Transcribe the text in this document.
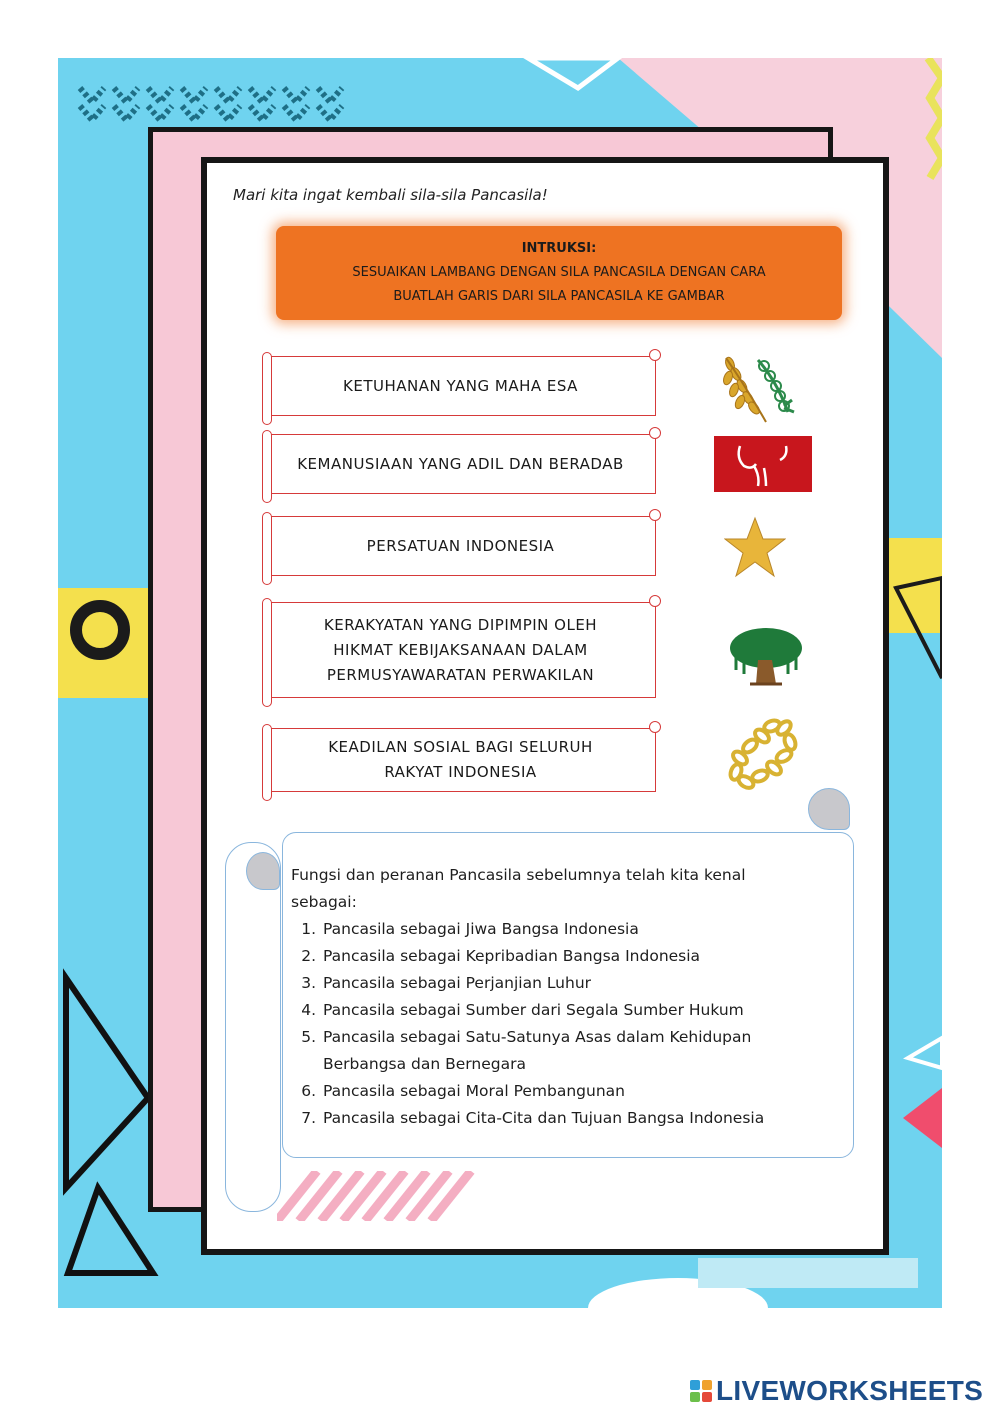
Mari kita ingat kembali sila-sila Pancasila!
INTRUKSI:
SESUAIKAN LAMBANG DENGAN SILA PANCASILA DENGAN CARA
BUATLAH GARIS DARI SILA PANCASILA KE GAMBAR
KETUHANAN YANG MAHA ESA
KEMANUSIAAN YANG ADIL DAN BERADAB
PERSATUAN INDONESIA
KERAKYATAN YANG DIPIMPIN OLEH
HIKMAT KEBIJAKSANAAN DALAM
PERMUSYAWARATAN PERWAKILAN
KEADILAN SOSIAL BAGI SELURUH
RAKYAT INDONESIA
Fungsi dan peranan Pancasila sebelumnya telah kita kenal
sebagai:
1. Pancasila sebagai Jiwa Bangsa Indonesia
2. Pancasila sebagai Kepribadian Bangsa Indonesia
3. Pancasila sebagai Perjanjian Luhur
4. Pancasila sebagai Sumber dari Segala Sumber Hukum
5. Pancasila sebagai Satu-Satunya Asas dalam Kehidupan Berbangsa dan Bernegara
6. Pancasila sebagai Moral Pembangunan
7. Pancasila sebagai Cita-Cita dan Tujuan Bangsa Indonesia
LIVEWORKSHEETS
